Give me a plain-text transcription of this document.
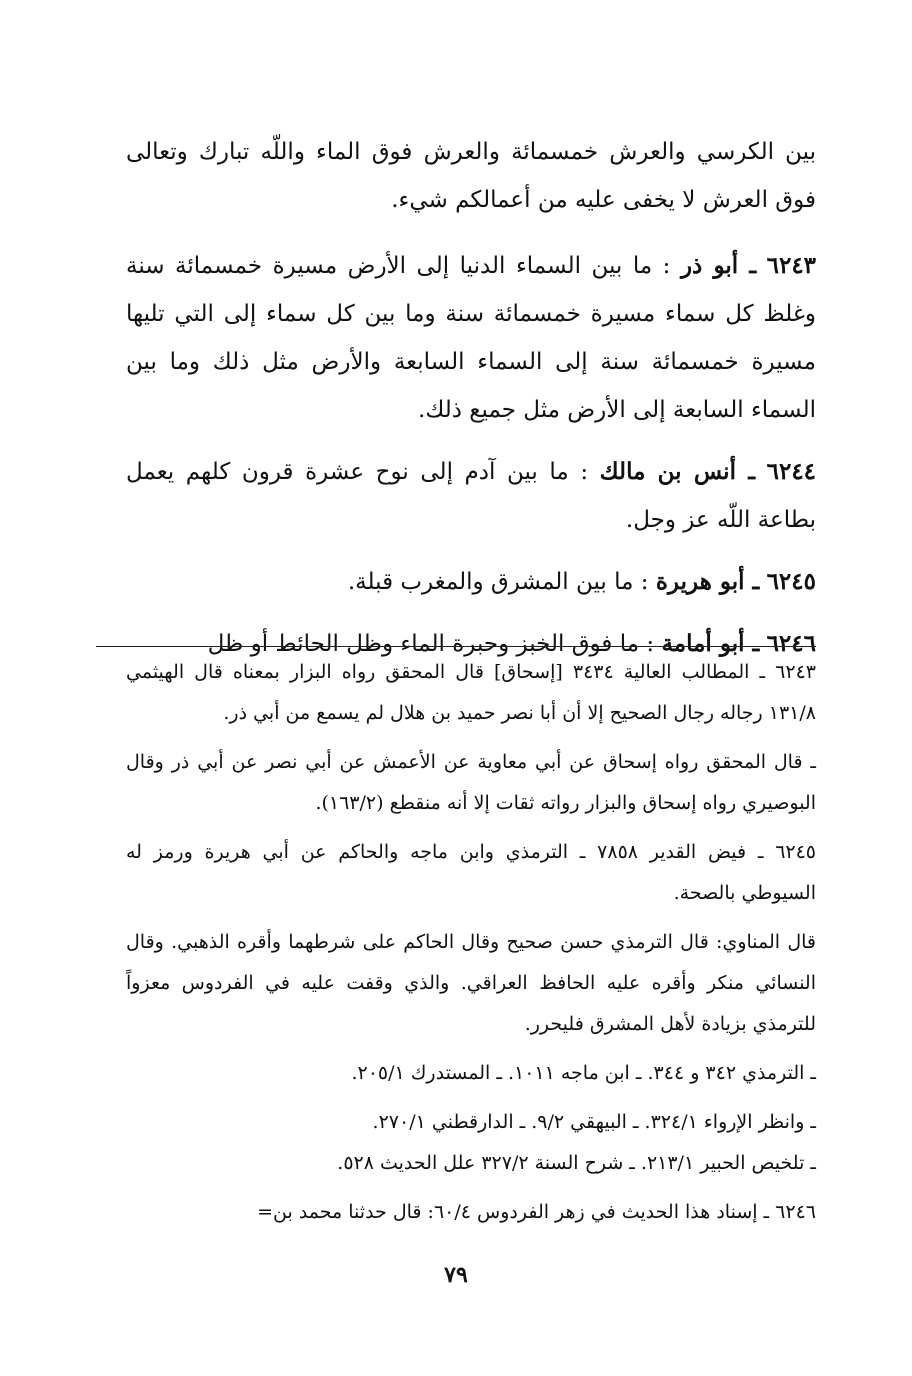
بين الكرسي والعرش خمسمائة والعرش فوق الماء واللّه تبارك وتعالى فوق العرش لا يخفى عليه من أعمالكم شيء.

٦٢٤٣ ـ أبو ذر : ما بين السماء الدنيا إلى الأرض مسيرة خمسمائة سنة وغلظ كل سماء مسيرة خمسمائة سنة وما بين كل سماء إلى التي تليها مسيرة خمسمائة سنة إلى السماء السابعة والأرض مثل ذلك وما بين السماء السابعة إلى الأرض مثل جميع ذلك.

٦٢٤٤ ـ أنس بن مالك : ما بين آدم إلى نوح عشرة قرون كلهم يعمل بطاعة اللّه عز وجل.

٦٢٤٥ ـ أبو هريرة : ما بين المشرق والمغرب قبلة.

٦٢٤٦ ـ أبو أمامة : ما فوق الخبز وحبرة الماء وظل الحائط أو ظل

٦٢٤٣ ـ المطالب العالية ٣٤٣٤ [إسحاق] قال المحقق رواه البزار بمعناه قال الهيثمي ١٣١/٨ رجاله رجال الصحيح إلا أن أبا نصر حميد بن هلال لم يسمع من أبي ذر.

ـ قال المحقق رواه إسحاق عن أبي معاوية عن الأعمش عن أبي نصر عن أبي ذر وقال البوصيري رواه إسحاق والبزار رواته ثقات إلا أنه منقطع (١٦٣/٢).

٦٢٤٥ ـ فيض القدير ٧٨٥٨ ـ الترمذي وابن ماجه والحاكم عن أبي هريرة ورمز له السيوطي بالصحة.

قال المناوي: قال الترمذي حسن صحيح وقال الحاكم على شرطهما وأقره الذهبي. وقال النسائي منكر وأقره عليه الحافظ العراقي. والذي وقفت عليه في الفردوس معزواً للترمذي بزيادة لأهل المشرق فليحرر.

ـ الترمذي ٣٤٢ و ٣٤٤. ـ ابن ماجه ١٠١١. ـ المستدرك ٢٠٥/١.

ـ وانظر الإرواء ٣٢٤/١. ـ البيهقي ٩/٢. ـ الدارقطني ٢٧٠/١.

ـ تلخيص الحبير ٢١٣/١. ـ شرح السنة ٣٢٧/٢ علل الحديث ٥٢٨.

٦٢٤٦ ـ إسناد هذا الحديث في زهر الفردوس ٦٠/٤: قال حدثنا محمد بن=

٧٩
